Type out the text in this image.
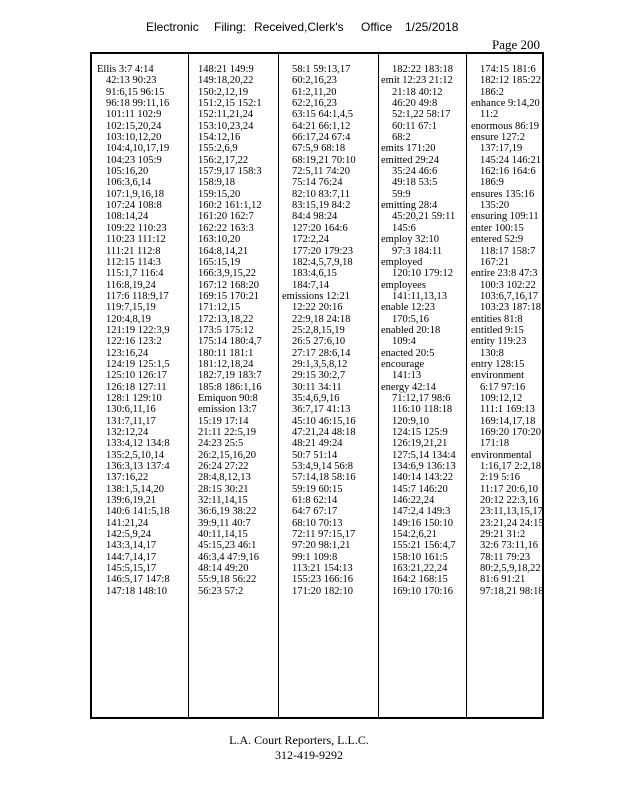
Electronic Filing: Received,Clerk's Office 1/25/2018
Page 200
Ellis 3:7 4:14
42:13 90:23
91:6,15 96:15
96:18 99:11,16
101:11 102:9
102:15,20,24
103:10,12,20
104:4,10,17,19
104:23 105:9
105:16,20
106:3,6,14
107:1,9,16,18
107:24 108:8
108:14,24
109:22 110:23
110:23 111:12
111:21 112:8
112:15 114:3
115:1,7 116:4
116:8,19,24
117:6 118:9,17
119:7,15,19
120:4,8,19
121:19 122:3,9
122:16 123:2
123:16,24
124:19 125:1,5
125:10 126:17
126:18 127:11
128:1 129:10
130:6,11,16
131:7,11,17
132:12,24
133:4,12 134:8
135:2,5,10,14
136:3,13 137:4
137:16,22
138:1,5,14,20
139:6,19,21
140:6 141:5,18
141:21,24
142:5,9,24
143:3,14,17
144:7,14,17
145:5,15,17
146:5,17 147:8
147:18 148:10
148:21 149:9
149:18,20,22
150:2,12,19
151:2,15 152:1
152:11,21,24
153:10,23,24
154:12,16
155:2,6,9
156:2,17,22
157:9,17 158:3
158:9,18
159:15,20
160:2 161:1,12
161:20 162:7
162:22 163:3
163:10,20
164:8,14,21
165:15,19
166:3,9,15,22
167:12 168:20
169:15 170:21
171:12,15
172:13,18,22
173:5 175:12
175:14 180:4,7
180:11 181:1
181:12,18,24
182:7,19 183:7
185:8 186:1,16
Emiquon 90:8
emission 13:7
15:19 17:14
21:11 22:5,19
24:23 25:5
26:2,15,16,20
26:24 27:22
28:4,8,12,13
28:15 30:21
32:11,14,15
36:6,19 38:22
39:9,11 40:7
40:11,14,15
45:15,23 46:1
46:3,4 47:9,16
48:14 49:20
55:9,18 56:22
56:23 57:2
58:1 59:13,17
60:2,16,23
61:2,11,20
62:2,16,23
63:15 64:1,4,5
64:21 66:1,12
66:17,24 67:4
67:5,9 68:18
68:19,21 70:10
72:5,11 74:20
75:14 76:24
82:10 83:7,11
83:15,19 84:2
84:4 98:24
127:20 164:6
172:2,24
177:20 179:23
182:4,5,7,9,18
183:4,6,15
184:7,14
emissions 12:21
12:22 20:16
22:9,18 24:18
25:2,8,15,19
26:5 27:6,10
27:17 28:6,14
29:1,3,5,8,12
29:15 30:2,7
30:11 34:11
35:4,6,9,16
36:7,17 41:13
45:10 46:15,16
47:21,24 48:18
48:21 49:24
50:7 51:14
53:4,9,14 56:8
57:14,18 58:16
59:19 60:15
61:8 62:14
64:7 67:17
68:10 70:13
72:11 97:15,17
97:20 98:1,21
99:1 109:8
113:21 154:13
155:23 166:16
171:20 182:10
182:22 183:18
emit 12:23 21:12
21:18 40:12
46:20 49:8
52:1,22 58:17
60:11 67:1
68:2
emits 171:20
emitted 29:24
35:24 46:6
49:18 53:5
59:9
emitting 28:4
45:20,21 59:11
145:6
employ 32:10
97:3 184:11
employed
120:10 179:12
employees
141:11,13,13
enable 12:23
170:5,16
enabled 20:18
109:4
enacted 20:5
encourage
141:13
energy 42:14
71:12,17 98:6
116:10 118:18
120:9,10
124:15 125:9
126:19,21,21
127:5,14 134:4
134:6,9 136:13
140:14 143:22
145:7 146:20
146:22,24
147:2,4 149:3
149:16 150:10
154:2,6,21
155:21 156:4,7
158:10 161:5
163:21,22,24
164:2 168:15
169:10 170:16
174:15 181:6
182:12 185:22
186:2
enhance 9:14,20
11:2
enormous 86:19
ensure 127:2
137:17,19
145:24 146:21
162:16 164:6
186:9
ensures 135:16
135:20
ensuring 109:11
enter 100:15
entered 52:9
118:17 158:7
167:21
entire 23:8 47:3
100:3 102:22
103:6,7,16,17
103:23 187:18
entities 81:8
entitled 9:15
entity 119:23
130:8
entry 128:15
environment
6:17 97:16
109:12,12
111:1 169:13
169:14,17,18
169:20 170:20
171:18
environmental
1:16,17 2:2,18
2:19 5:16
11:17 20:6,10
20:12 22:3,16
23:11,13,15,17
23:21,24 24:15
29:21 31:2
32:6 73:11,16
78:11 79:23
80:2,5,9,18,22
81:6 91:21
97:18,21 98:18
L.A. Court Reporters, L.L.C.
312-419-9292
